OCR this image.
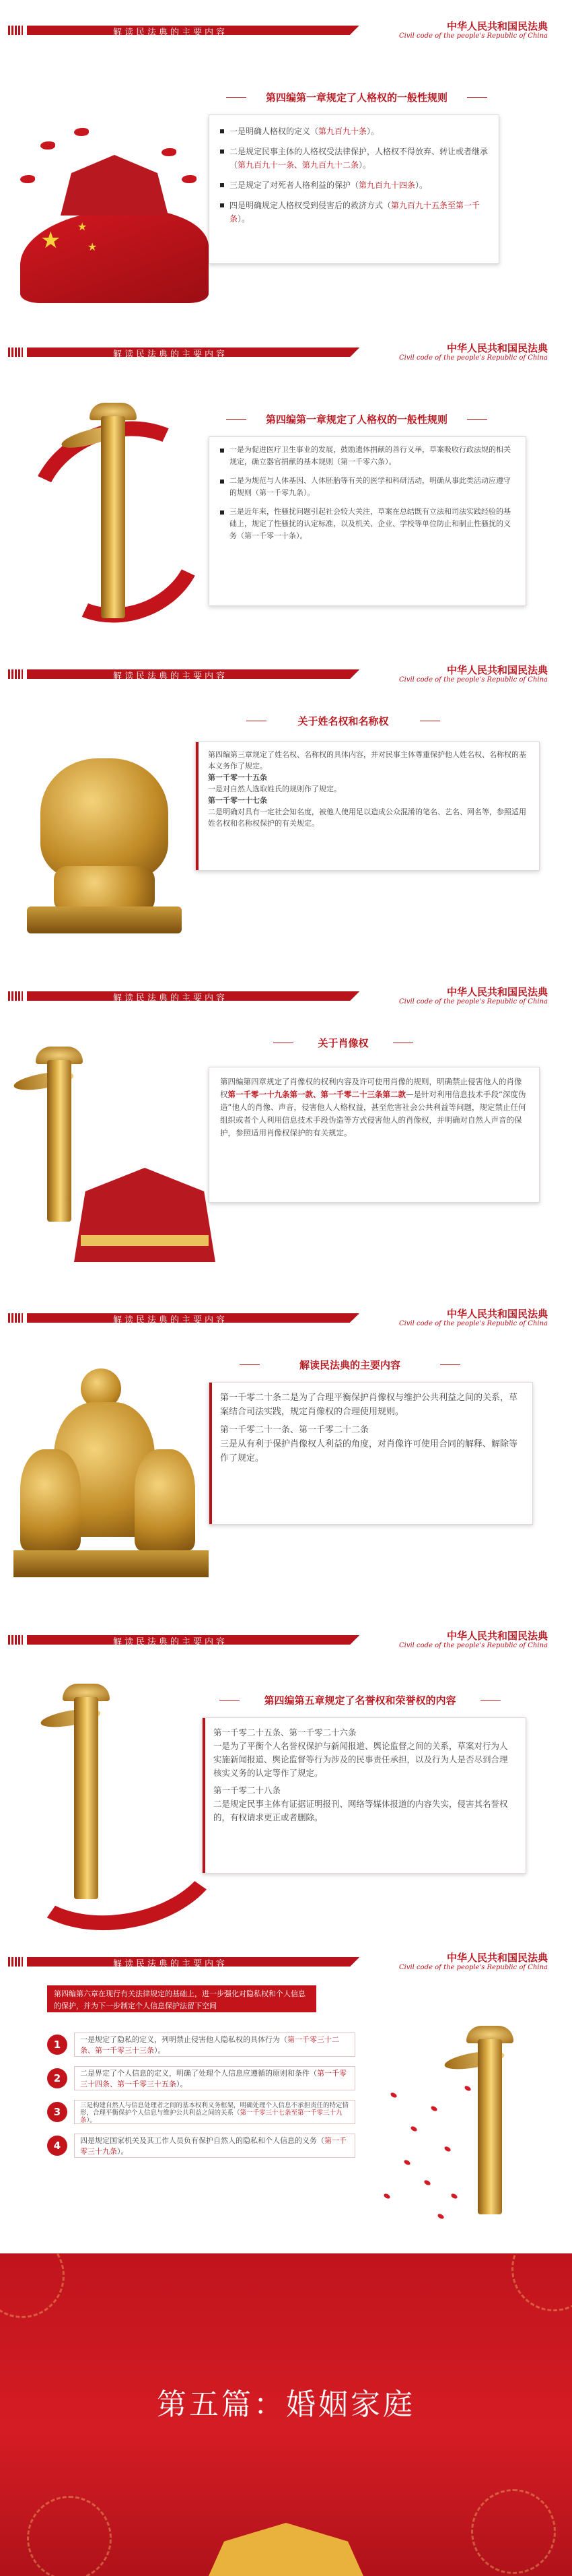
解读民法典的主要内容
中华人民共和国民法典
Civil code of the people's Republic of China
★
★
★
第四编第一章规定了人格权的一般性规则
一是明确人格权的定义（第九百九十条）。
二是规定民事主体的人格权受法律保护，人格权不得放弃、转让或者继承（第九百九十一条、第九百九十二条）。
三是规定了对死者人格利益的保护（第九百九十四条）。
四是明确规定人格权受到侵害后的救济方式（第九百九十五条至第一千条）。
解读民法典的主要内容
中华人民共和国民法典
Civil code of the people's Republic of China
第四编第一章规定了人格权的一般性规则
一是为促进医疗卫生事业的发展，鼓励遗体捐献的善行义举，草案吸收行政法规的相关规定，确立器官捐献的基本规则（第一千零六条）。
二是为规范与人体基因、人体胚胎等有关的医学和科研活动，明确从事此类活动应遵守的规则（第一千零九条）。
三是近年来，性骚扰问题引起社会较大关注，草案在总结既有立法和司法实践经验的基础上，规定了性骚扰的认定标准，以及机关、企业、学校等单位防止和制止性骚扰的义务（第一千零一十条）。
解读民法典的主要内容
中华人民共和国民法典
Civil code of the people's Republic of China
关于姓名权和名称权
第四编第三章规定了姓名权、名称权的具体内容，并对民事主体尊重保护他人姓名权、名称权的基本义务作了规定。
第一千零一十五条
一是对自然人选取姓氏的规则作了规定。
第一千零一十七条
二是明确对具有一定社会知名度，被他人使用足以造成公众混淆的笔名、艺名、网名等，参照适用姓名权和名称权保护的有关规定。
解读民法典的主要内容
中华人民共和国民法典
Civil code of the people's Republic of China
关于肖像权
第四编第四章规定了肖像权的权利内容及许可使用肖像的规则，明确禁止侵害他人的肖像权第一千零一十九条第一款、第一千零二十三条第二款—是针对利用信息技术手段“深度伪造”他人的肖像、声音，侵害他人人格权益，甚至危害社会公共利益等问题，规定禁止任何组织或者个人利用信息技术手段伪造等方式侵害他人的肖像权，并明确对自然人声音的保护，参照适用肖像权保护的有关规定。
解读民法典的主要内容
中华人民共和国民法典
Civil code of the people's Republic of China
解读民法典的主要内容
第一千零二十条二是为了合理平衡保护肖像权与维护公共利益之间的关系，草案结合司法实践，规定肖像权的合理使用规则。
第一千零二十一条、第一千零二十二条
三是从有利于保护肖像权人利益的角度，对肖像许可使用合同的解释、解除等作了规定。
解读民法典的主要内容
中华人民共和国民法典
Civil code of the people's Republic of China
第四编第五章规定了名誉权和荣誉权的内容
第一千零二十五条、第一千零二十六条
一是为了平衡个人名誉权保护与新闻报道、舆论监督之间的关系，草案对行为人实施新闻报道、舆论监督等行为涉及的民事责任承担，以及行为人是否尽到合理核实义务的认定等作了规定。
第一千零二十八条
二是规定民事主体有证据证明报刊、网络等媒体报道的内容失实，侵害其名誉权的，有权请求更正或者删除。
解读民法典的主要内容
中华人民共和国民法典
Civil code of the people's Republic of China
第四编第六章在现行有关法律规定的基础上，进一步强化对隐私权和个人信息的保护，并为下一步制定个人信息保护法留下空间
1	一是规定了隐私的定义，列明禁止侵害他人隐私权的具体行为（第一千零三十二条、第一千零三十三条）。
2	二是界定了个人信息的定义，明确了处理个人信息应遵循的原则和条件（第一千零三十四条、第一千零三十五条）。
3
三是构建自然人与信息处理者之间的基本权利义务框架，明确处理个人信息不承担责任的特定情形，合理平衡保护个人信息与维护公共利益之间的关系（第一千零三十七条至第一千零三十九条）。
4	四是规定国家机关及其工作人员负有保护自然人的隐私和个人信息的义务（第一千零三十九条）。
第五篇：婚姻家庭
